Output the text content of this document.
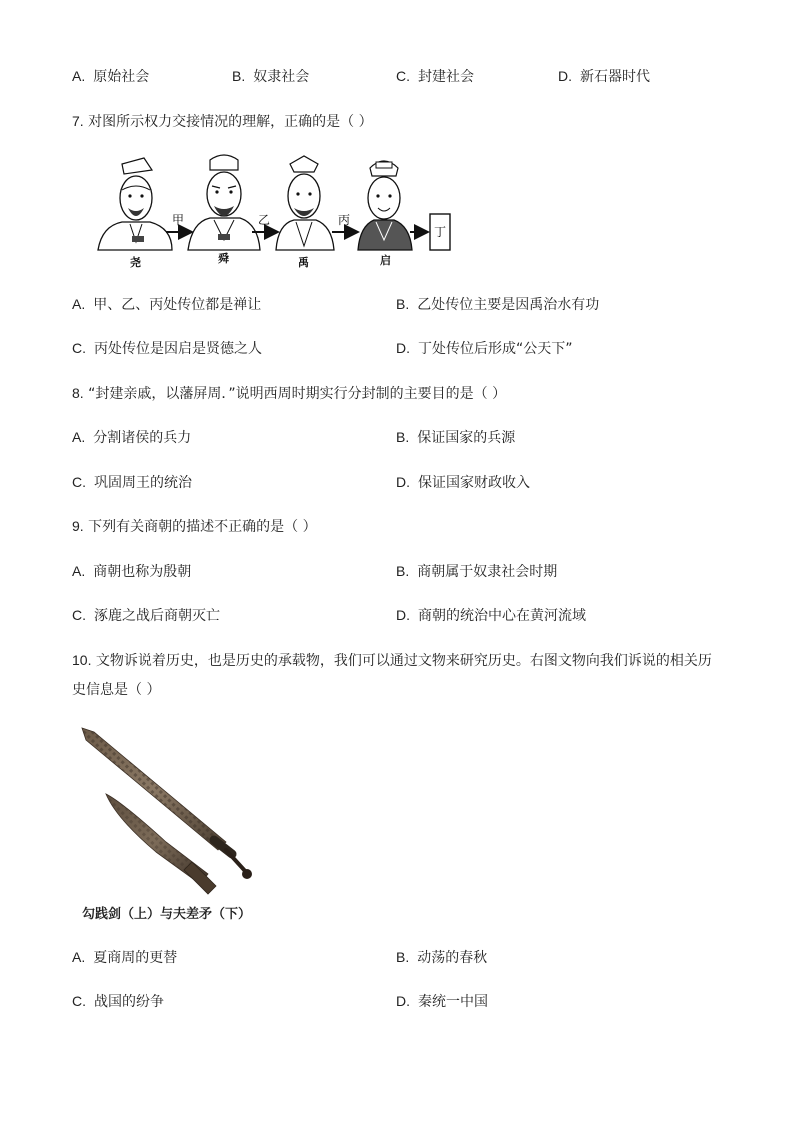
A. 原始社会	B. 奴隶社会	C. 封建社会	D. 新石器时代
7. 对图所示权力交接情况的理解，正确的是（ ）
甲	乙	丙
丁
尧	舜	禹	启
A. 甲、乙、丙处传位都是禅让	B. 乙处传位主要是因禹治水有功
C. 丙处传位是因启是贤德之人	D. 丁处传位后形成“公天下”
8. “封建亲戚，以藩屏周．”说明西周时期实行分封制的主要目的是（ ）
A. 分割诸侯的兵力	B. 保证国家的兵源
C. 巩固周王的统治	D. 保证国家财政收入
9. 下列有关商朝的描述不正确的是（ ）
A. 商朝也称为殷朝	B. 商朝属于奴隶社会时期
C. 涿鹿之战后商朝灭亡	D. 商朝的统治中心在黄河流域
10. 文物诉说着历史，也是历史的承载物，我们可以通过文物来研究历史。右图文物向我们诉说的相关历
史信息是（ ）
勾践剑（上）与夫差矛（下）
A. 夏商周的更替	B. 动荡的春秋
C. 战国的纷争	D. 秦统一中国
